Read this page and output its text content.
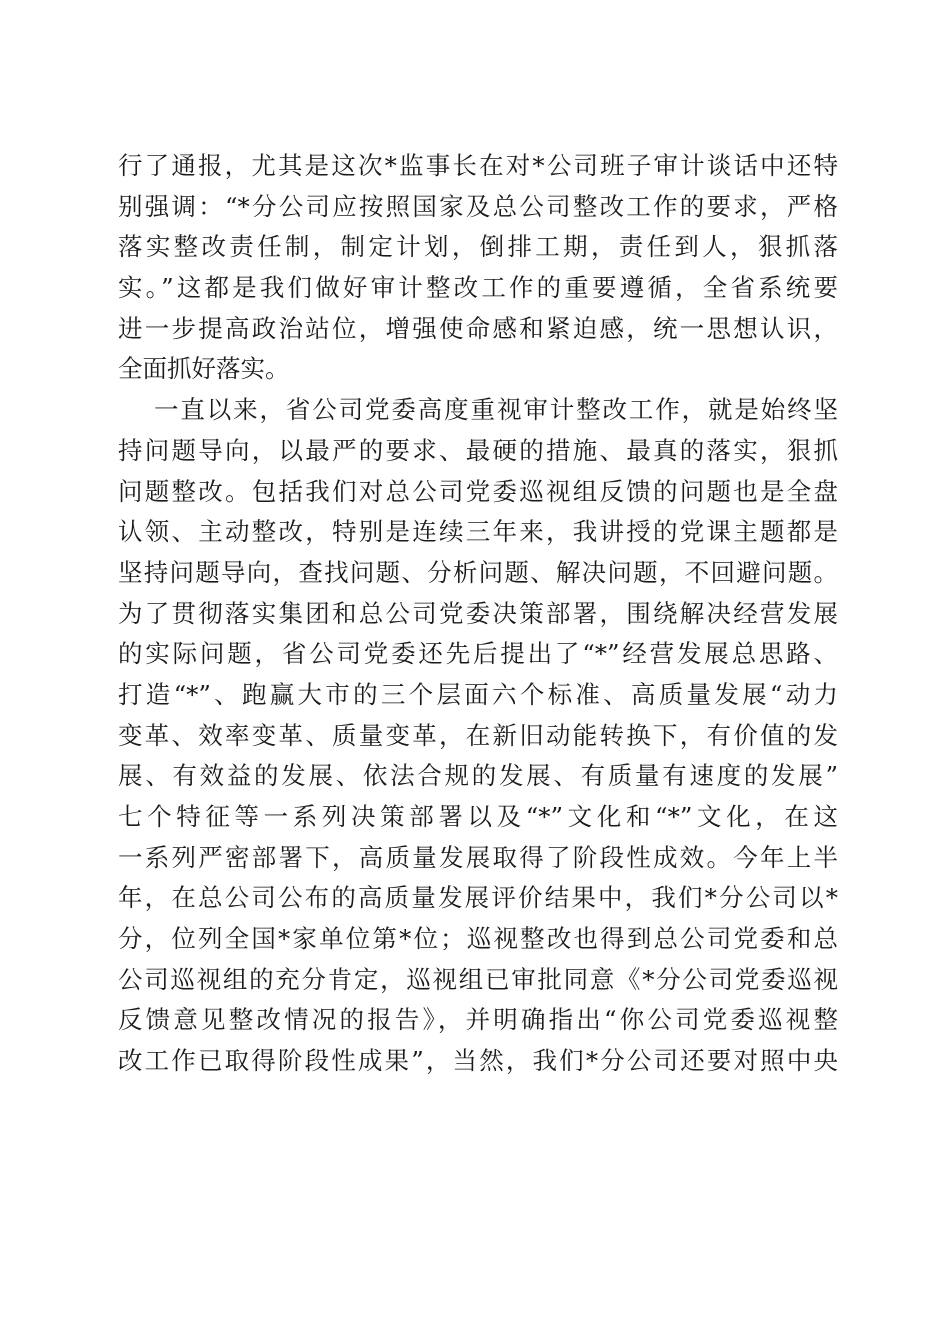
行了通报，尤其是这次*监事长在对*公司班子审计谈话中还特
别强调：“*分公司应按照国家及总公司整改工作的要求，严格
落实整改责任制，制定计划，倒排工期，责任到人，狠抓落
实。”这都是我们做好审计整改工作的重要遵循，全省系统要
进一步提高政治站位，增强使命感和紧迫感，统一思想认识，
全面抓好落实。
一直以来，省公司党委高度重视审计整改工作，就是始终坚
持问题导向，以最严的要求、最硬的措施、最真的落实，狠抓
问题整改。包括我们对总公司党委巡视组反馈的问题也是全盘
认领、主动整改，特别是连续三年来，我讲授的党课主题都是
坚持问题导向，查找问题、分析问题、解决问题，不回避问题。
为了贯彻落实集团和总公司党委决策部署，围绕解决经营发展
的实际问题，省公司党委还先后提出了“*”经营发展总思路、
打造“*”、跑赢大市的三个层面六个标准、高质量发展“动力
变革、效率变革、质量变革，在新旧动能转换下，有价值的发
展、有效益的发展、依法合规的发展、有质量有速度的发展”
七个特征等一系列决策部署以及“*”文化和“*”文化，在这
一系列严密部署下，高质量发展取得了阶段性成效。今年上半
年，在总公司公布的高质量发展评价结果中，我们*分公司以*
分，位列全国*家单位第*位；巡视整改也得到总公司党委和总
公司巡视组的充分肯定，巡视组已审批同意《*分公司党委巡视
反馈意见整改情况的报告》，并明确指出“你公司党委巡视整
改工作已取得阶段性成果”，当然，我们*分公司还要对照中央
